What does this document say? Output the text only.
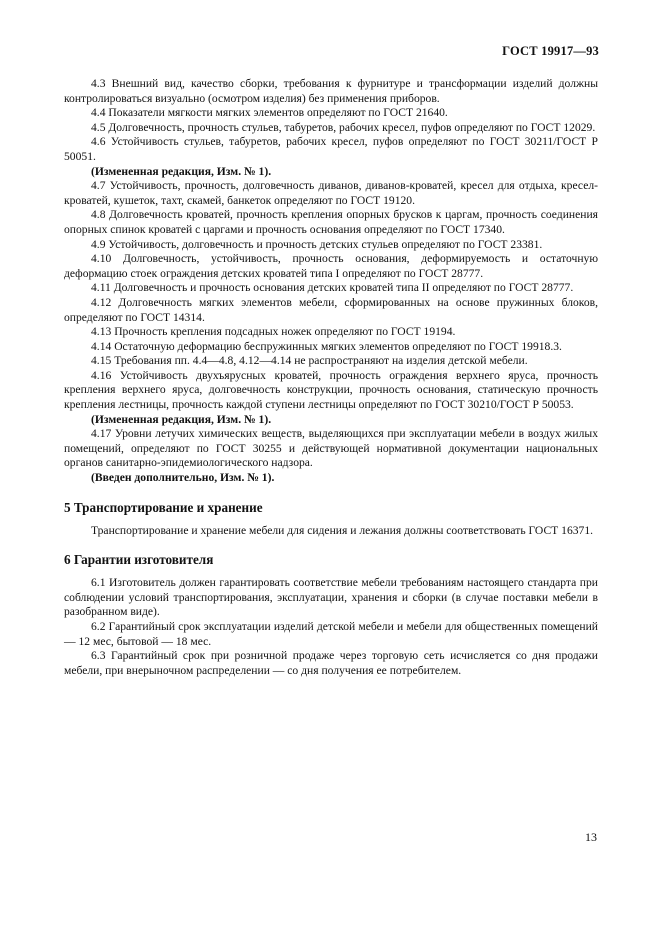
ГОСТ 19917—93

4.3 Внешний вид, качество сборки, требования к фурнитуре и трансформации изделий должны контролироваться визуально (осмотром изделия) без применения приборов.

4.4 Показатели мягкости мягких элементов определяют по ГОСТ 21640.

4.5 Долговечность, прочность стульев, табуретов, рабочих кресел, пуфов определяют по ГОСТ 12029.

4.6 Устойчивость стульев, табуретов, рабочих кресел, пуфов определяют по ГОСТ 30211/ГОСТ Р 50051.

(Измененная редакция, Изм. № 1).

4.7 Устойчивость, прочность, долговечность диванов, диванов-кроватей, кресел для отдыха, кресел-кроватей, кушеток, тахт, скамей, банкеток определяют по ГОСТ 19120.

4.8 Долговечность кроватей, прочность крепления опорных брусков к царгам, прочность соединения опорных спинок кроватей с царгами и прочность основания определяют по ГОСТ 17340.

4.9 Устойчивость, долговечность и прочность детских стульев определяют по ГОСТ 23381.

4.10 Долговечность, устойчивость, прочность основания, деформируемость и остаточную деформацию стоек ограждения детских кроватей типа I определяют по ГОСТ 28777.

4.11 Долговечность и прочность основания детских кроватей типа II определяют по ГОСТ 28777.

4.12 Долговечность мягких элементов мебели, сформированных на основе пружинных блоков, определяют по ГОСТ 14314.

4.13 Прочность крепления подсадных ножек определяют по ГОСТ 19194.

4.14 Остаточную деформацию беспружинных мягких элементов определяют по ГОСТ 19918.3.

4.15 Требования пп. 4.4—4.8, 4.12—4.14 не распространяют на изделия детской мебели.

4.16 Устойчивость двухъярусных кроватей, прочность ограждения верхнего яруса, прочность крепления верхнего яруса, долговечность конструкции, прочность основания, статическую прочность крепления лестницы, прочность каждой ступени лестницы определяют по ГОСТ 30210/ГОСТ Р 50053.

(Измененная редакция, Изм. № 1).

4.17 Уровни летучих химических веществ, выделяющихся при эксплуатации мебели в воздух жилых помещений, определяют по ГОСТ 30255 и действующей нормативной документации национальных органов санитарно-эпидемиологического надзора.

(Введен дополнительно, Изм. № 1).

5 Транспортирование и хранение

Транспортирование и хранение мебели для сидения и лежания должны соответствовать ГОСТ 16371.

6 Гарантии изготовителя

6.1 Изготовитель должен гарантировать соответствие мебели требованиям настоящего стандарта при соблюдении условий транспортирования, эксплуатации, хранения и сборки (в случае поставки мебели в разобранном виде).

6.2 Гарантийный срок эксплуатации изделий детской мебели и мебели для общественных помещений — 12 мес, бытовой — 18 мес.

6.3 Гарантийный срок при розничной продаже через торговую сеть исчисляется со дня продажи мебели, при внерыночном распределении — со дня получения ее потребителем.

13
